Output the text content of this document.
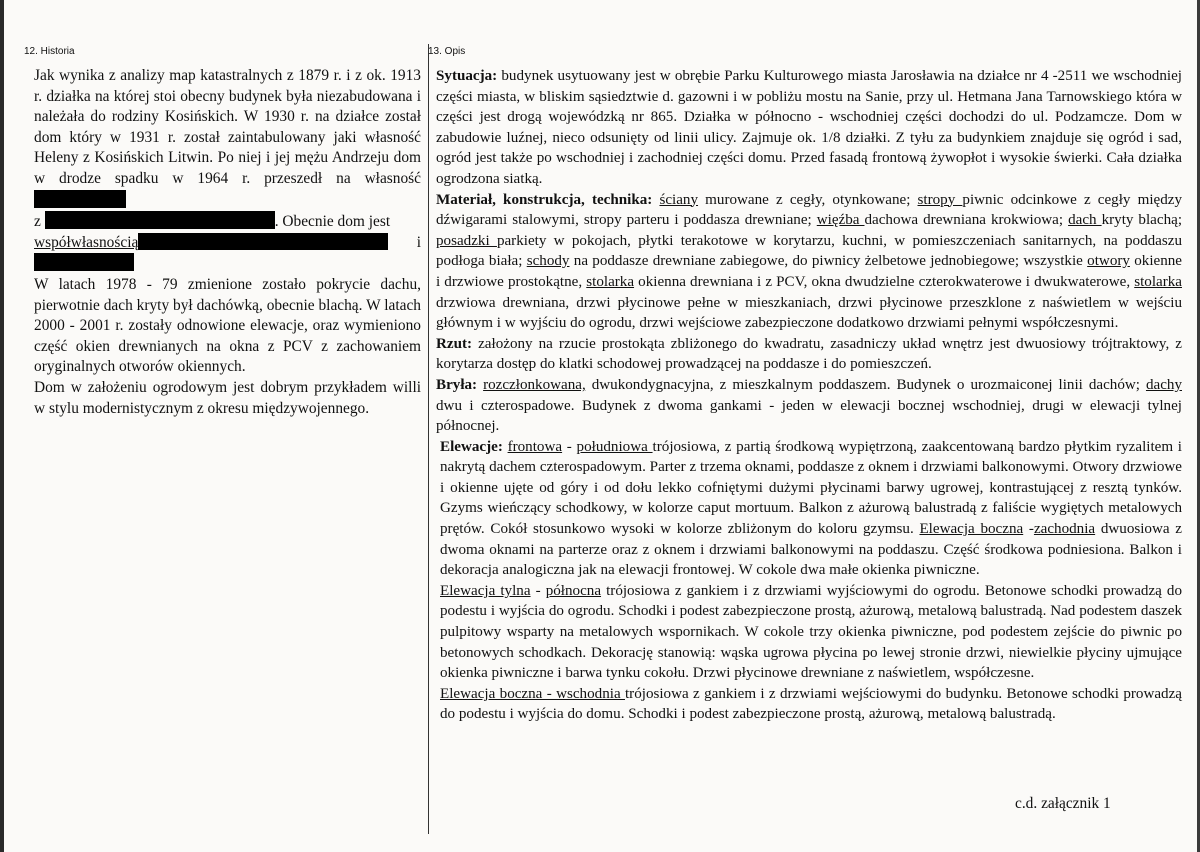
12. Historia

Jak wynika z analizy map katastralnych z 1879 r. i z ok. 1913 r. działka na której stoi obecny budynek była niezabudowana i należała do rodziny Kosińskich. W 1930 r. na działce został dom który w 1931 r. został zaintabulowany jaki własność Heleny z Kosińskich Litwin. Po niej i jej mężu Andrzeju dom w drodze spadku w 1964 r. przeszedł na własność
z	. Obecnie dom jest
współwłasnością	i

W latach 1978 - 79 zmienione zostało pokrycie dachu, pierwotnie dach kryty był dachówką, obecnie blachą. W latach 2000 - 2001 r. zostały odnowione elewacje, oraz wymieniono część okien drewnianych na okna z PCV z zachowaniem oryginalnych otworów okiennych.

Dom w założeniu ogrodowym jest dobrym przykładem willi w stylu modernistycznym z okresu międzywojennego.

13. Opis

Sytuacja: budynek usytuowany jest w obrębie Parku Kulturowego miasta Jarosławia na działce nr 4 -2511 we wschodniej części miasta, w bliskim sąsiedztwie d. gazowni i w pobliżu mostu na Sanie, przy ul. Hetmana Jana Tarnowskiego która w części jest drogą wojewódzką nr 865. Działka w północno - wschodniej części dochodzi do ul. Podzamcze. Dom w zabudowie luźnej, nieco odsunięty od linii ulicy. Zajmuje ok. 1/8 działki. Z tyłu za budynkiem znajduje się ogród i sad, ogród jest także po wschodniej i zachodniej części domu. Przed fasadą frontową żywopłot i wysokie świerki. Cała działka ogrodzona siatką.

Materiał, konstrukcja, technika: ściany murowane z cegły, otynkowane; stropy piwnic odcinkowe z cegły między dźwigarami stalowymi, stropy parteru i poddasza drewniane; więźba dachowa drewniana krokwiowa; dach kryty blachą; posadzki parkiety w pokojach, płytki terakotowe w korytarzu, kuchni, w pomieszczeniach sanitarnych, na poddaszu podłoga biała; schody na poddasze drewniane zabiegowe, do piwnicy żelbetowe jednobiegowe; wszystkie otwory okienne i drzwiowe prostokątne, stolarka okienna drewniana i z PCV, okna dwudzielne czterokwaterowe i dwukwaterowe, stolarka drzwiowa drewniana, drzwi płycinowe pełne w mieszkaniach, drzwi płycinowe przeszklone z naświetlem w wejściu głównym i w wyjściu do ogrodu, drzwi wejściowe zabezpieczone dodatkowo drzwiami pełnymi współczesnymi.

Rzut: założony na rzucie prostokąta zbliżonego do kwadratu, zasadniczy układ wnętrz jest dwuosiowy trójtraktowy, z korytarza dostęp do klatki schodowej prowadzącej na poddasze i do pomieszczeń.

Bryła: rozczłonkowana, dwukondygnacyjna, z mieszkalnym poddaszem. Budynek o urozmaiconej linii dachów; dachy dwu i czterospadowe. Budynek z dwoma gankami - jeden w elewacji bocznej wschodniej, drugi w elewacji tylnej północnej.

Elewacje: frontowa - południowa trójosiowa, z partią środkową wypiętrzoną, zaakcentowaną bardzo płytkim ryzalitem i nakrytą dachem czterospadowym. Parter z trzema oknami, poddasze z oknem i drzwiami balkonowymi. Otwory drzwiowe i okienne ujęte od góry i od dołu lekko cofniętymi dużymi płycinami barwy ugrowej, kontrastującej z resztą tynków. Gzyms wieńczący schodkowy, w kolorze caput mortuum. Balkon z ażurową balustradą z faliście wygiętych metalowych prętów. Cokół stosunkowo wysoki w kolorze zbliżonym do koloru gzymsu. Elewacja boczna -zachodnia dwuosiowa z dwoma oknami na parterze oraz z oknem i drzwiami balkonowymi na poddaszu. Część środkowa podniesiona. Balkon i dekoracja analogiczna jak na elewacji frontowej. W cokole dwa małe okienka piwniczne.

Elewacja tylna - północna trójosiowa z gankiem i z drzwiami wyjściowymi do ogrodu. Betonowe schodki prowadzą do podestu i wyjścia do ogrodu. Schodki i podest zabezpieczone prostą, ażurową, metalową balustradą. Nad podestem daszek pulpitowy wsparty na metalowych wspornikach. W cokole trzy okienka piwniczne, pod podestem zejście do piwnic po betonowych schodkach. Dekorację stanowią: wąska ugrowa płycina po lewej stronie drzwi, niewielkie płyciny ujmujące okienka piwniczne i barwa tynku cokołu. Drzwi płycinowe drewniane z naświetlem, współczesne.

Elewacja boczna - wschodnia trójosiowa z gankiem i z drzwiami wejściowymi do budynku. Betonowe schodki prowadzą do podestu i wyjścia do domu. Schodki i podest zabezpieczone prostą, ażurową, metalową balustradą.

c.d. załącznik 1
